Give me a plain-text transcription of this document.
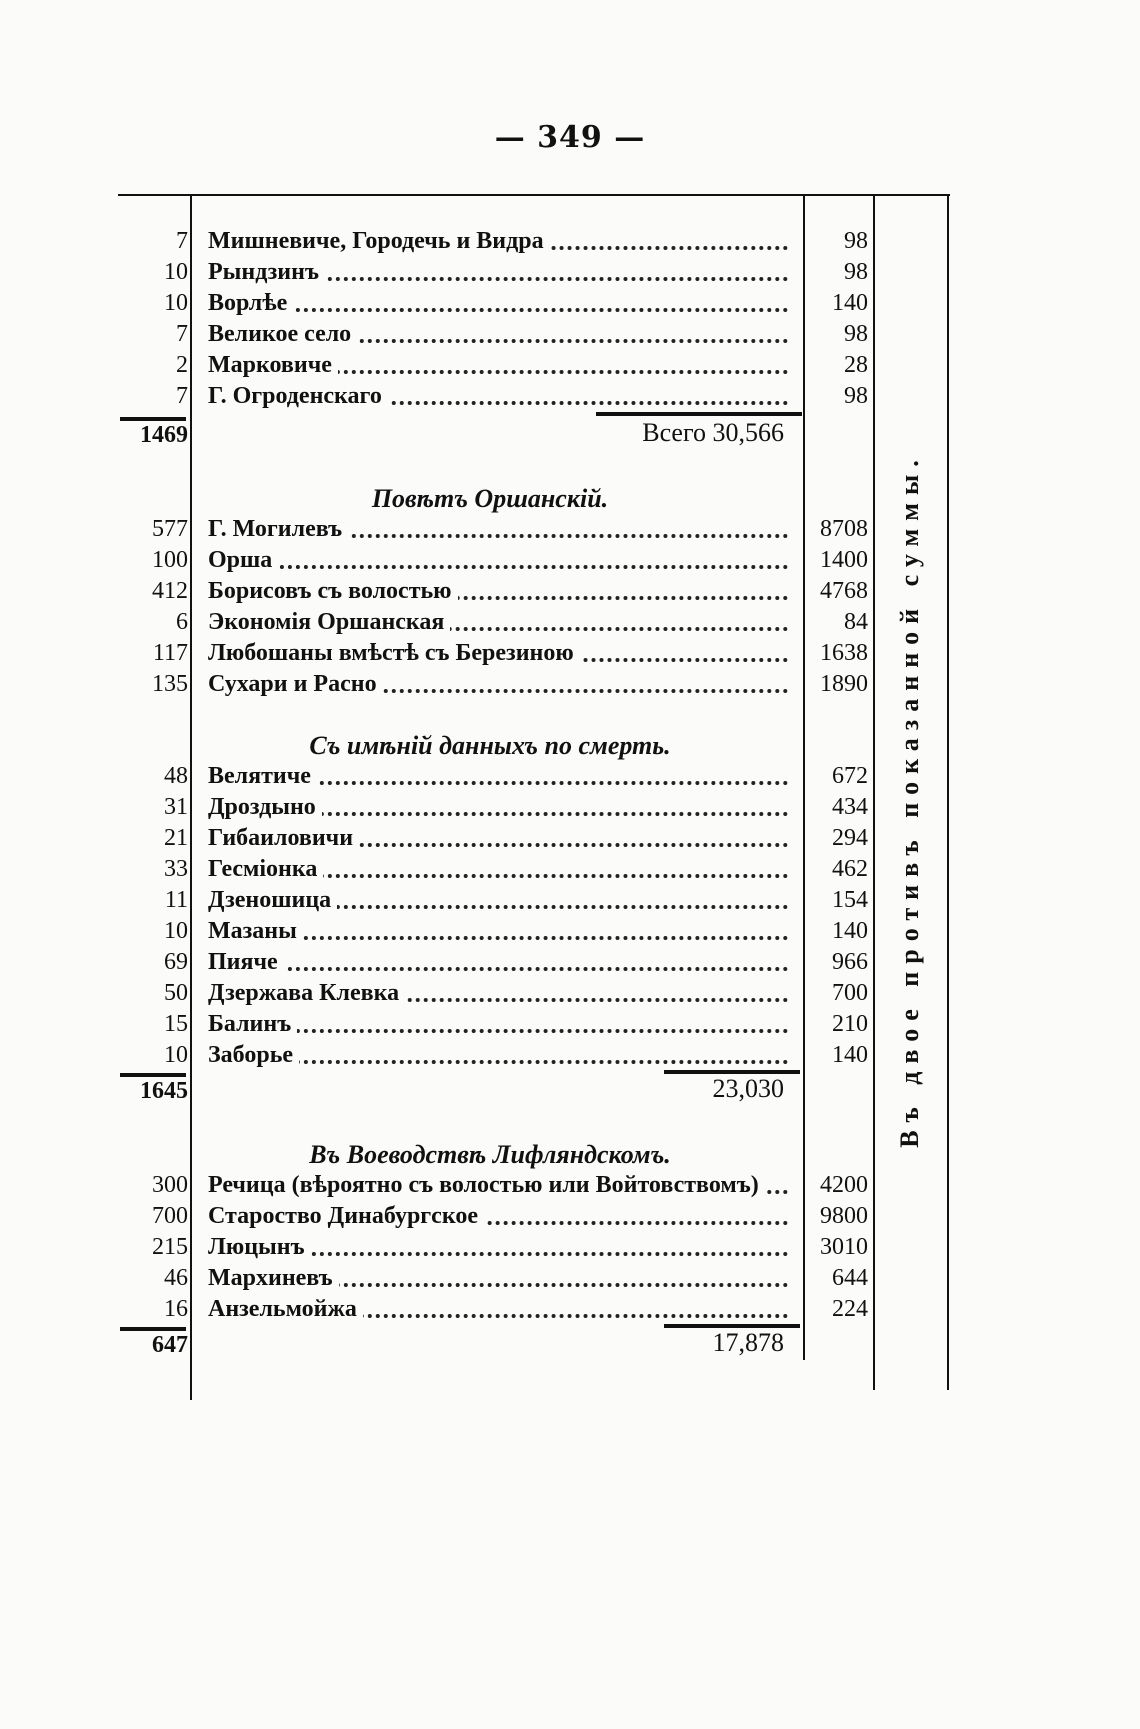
— 349 —
7 Мишневиче, Городечь и Видра	98
10 Рындзинъ	98
10 Ворлѣе	140
7 Великое село	98
2 Марковиче	28
7 Г. Огроденскаго	98
1469	Всего 30,566
Повѣтъ Оршанскій.
577 Г. Могилевъ	8708
100 Орша	1400
412 Борисовъ съ волостью	4768
6 Экономія Оршанская	84
117 Любошаны вмѣстѣ съ Березиною	1638
135 Сухари и Расно	1890
Съ имѣній данныхъ по смерть.
48 Велятиче	672
31 Дроздыно	434
21 Гибаиловичи	294
33 Гесміонка	462
11 Дзеношица	154
10 Мазаны	140
69 Пияче	966
50 Дзержава Клевка	700
15 Балинъ	210
10 Заборье	140
1645	23,030
Въ Воеводствѣ Лифляндскомъ.
300 Речица (вѣроятно съ волостью или Войтовствомъ)	4200
700 Староство Динабургское	9800
215 Люцынъ	3010
46 Мархиневъ	644
16 Анзельмойжа	224
647	17,878
Въ двое противъ показанной суммы.
